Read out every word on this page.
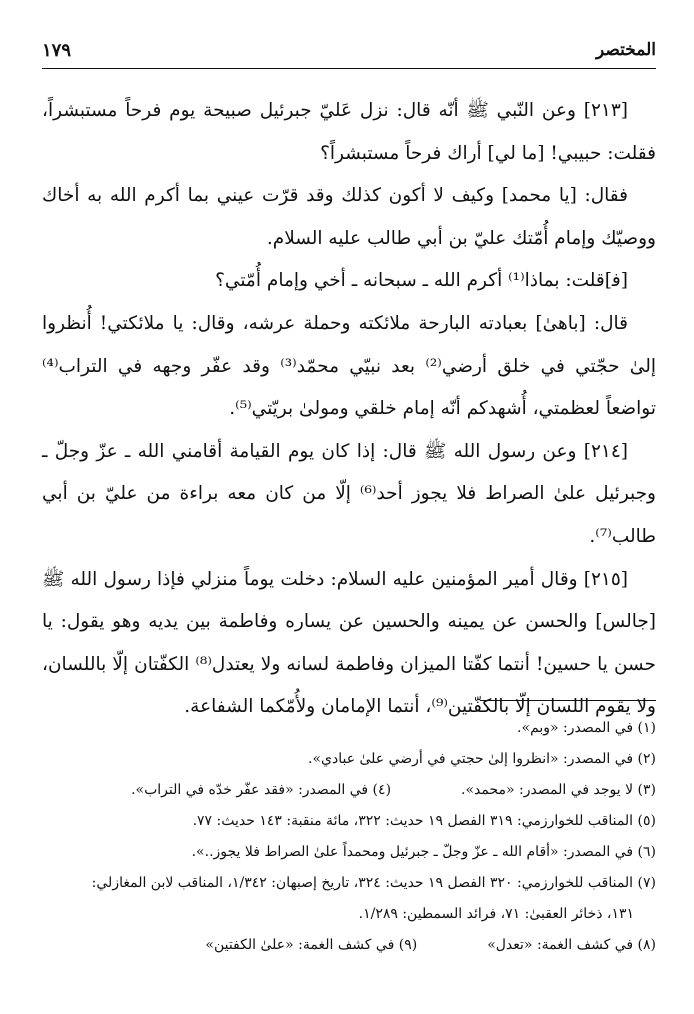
المختصر
١٧٩

[٢١٣] وعن النّبي ﷺ أنّه قال: نزل عَليّ جبرئيل صبيحة يوم فرحاً مستبشراً، فقلت: حبيبي! [ما لي] أراك فرحاً مستبشراً؟

فقال: [يا محمد] وكيف لا أكون كذلك وقد قرّت عيني بما أكرم الله به أخاك ووصيّك وإمام أُمّتك عليّ بن أبي طالب عليه السلام.

[ف‍]قلت: بماذا⁽¹⁾ أكرم الله ـ سبحانه ـ أخي وإمام أُمّتي؟

قال: [باهىٰ] بعبادته البارحة ملائكته وحملة عرشه، وقال: يا ملائكتي! أُنظروا إلىٰ حجّتي في خلق أرضي⁽²⁾ بعد نبيّي محمّد⁽³⁾ وقد عفّر وجهه في التراب⁽⁴⁾ تواضعاً لعظمتي، أُشهدكم أنّه إمام خلقي ومولىٰ بريّتي⁽⁵⁾.

[٢١٤] وعن رسول الله ﷺ قال: إذا كان يوم القيامة أقامني الله ـ عزّ وجلّ ـ وجبرئيل علىٰ الصراط فلا يجوز أحد⁽⁶⁾ إلّا من كان معه براءة من عليّ بن أبي طالب⁽⁷⁾.

[٢١٥] وقال أمير المؤمنين عليه السلام: دخلت يوماً منزلي فإذا رسول الله ﷺ [جالس] والحسن عن يمينه والحسين عن يساره وفاطمة بين يديه وهو يقول: يا حسن يا حسين! أنتما كفّتا الميزان وفاطمة لسانه ولا يعتدل⁽⁸⁾ الكفّتان إلّا باللسان، ولا يقوم اللسان إلّا بالكفّتين⁽⁹⁾، أنتما الإمامان ولأُمّكما الشفاعة.

(١) في المصدر: «وبم».

(٢) في المصدر: «انظروا إلىٰ حجتي في أرضي علىٰ عبادي».

(٣) لا يوجد في المصدر: «محمد».
(٤) في المصدر: «فقد عفّر خدّه في التراب».

(٥) المناقب للخوارزمي: ٣١٩ الفصل ١٩ حديث: ٣٢٢، مائة منقبة: ١٤٣ حديث: ٧٧.

(٦) في المصدر: «أقام الله ـ عزّ وجلّ ـ جبرئيل ومحمداً علىٰ الصراط فلا يجوز..».

(٧) المناقب للخوارزمي: ٣٢٠ الفصل ١٩ حديث: ٣٢٤، تاريخ إصبهان: ١/٣٤٢، المناقب لابن المغازلي:

١٣١، ذخائر العقبىٰ: ٧١، فرائد السمطين: ١/٢٨٩.

(٨) في كشف الغمة: «تعدل»
(٩) في كشف الغمة: «علىٰ الكفتين»
